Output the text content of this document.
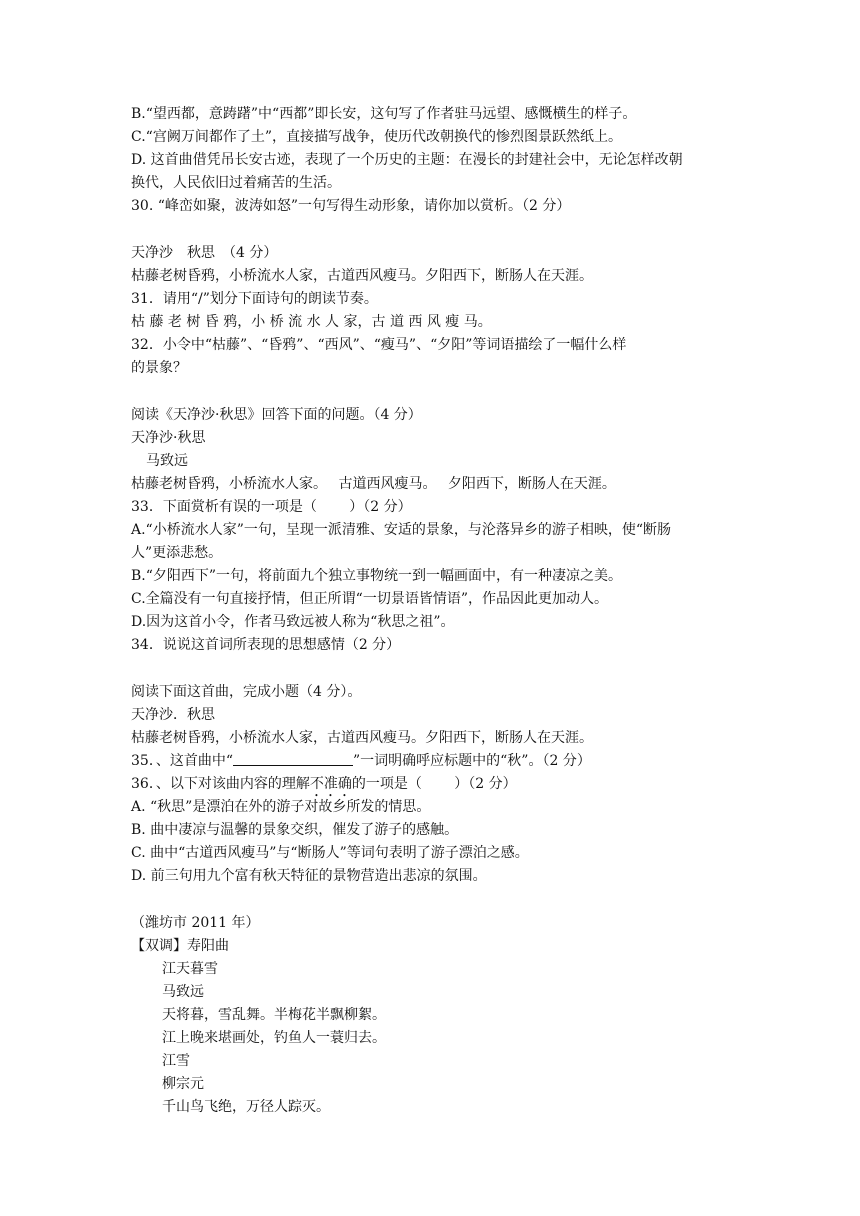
B.“望西都，意踌躇”中“西都”即长安，这句写了作者驻马远望、感慨横生的样子。
C.“宫阙万间都作了土”，直接描写战争，使历代改朝换代的惨烈图景跃然纸上。
D. 这首曲借凭吊长安古迹，表现了一个历史的主题：在漫长的封建社会中，无论怎样改朝
换代，人民依旧过着痛苦的生活。
30. “峰峦如聚，波涛如怒”一句写得生动形象，请你加以赏析。（2 分）
天净沙　秋思　（4 分）
枯藤老树昏鸦，小桥流水人家，古道西风瘦马。夕阳西下，断肠人在天涯。
31．请用“/”划分下面诗句的朗读节奏。
枯 藤 老 树 昏 鸦，小 桥 流 水 人 家，古 道 西 风 瘦 马。
32．小令中“枯藤”、“昏鸦”、“西风”、“瘦马”、“夕阳”等词语描绘了一幅什么样
的景象？
阅读《天净沙·秋思》回答下面的问题。（4 分）
天净沙·秋思
马致远
枯藤老树昏鸦，小桥流水人家。　 古道西风瘦马。　 夕阳西下，断肠人在天涯。
33．下面赏析有误的一项是（　　 ）（2 分）
A.“小桥流水人家”一句，呈现一派清雅、安适的景象，与沦落异乡的游子相映，使“断肠
人”更添悲愁。
B.“夕阳西下”一句，将前面九个独立事物统一到一幅画面中，有一种凄凉之美。
C.全篇没有一句直接抒情，但正所谓“一切景语皆情语”，作品因此更加动人。
D.因为这首小令，作者马致远被人称为“秋思之祖”。
34．说说这首词所表现的思想感情（2 分）
阅读下面这首曲，完成小题（4 分）。
天净沙．秋思
枯藤老树昏鸦，小桥流水人家，古道西风瘦马。夕阳西下，断肠人在天涯。
35．、这首曲中“	”一词明确呼应标题中的“秋”。（2 分）
36．、以下对该曲内容的理解不准确的一项是（　　 ）（2 分）
A. “秋思”是漂泊在外的游子对故乡所发的情思。
B. 曲中凄凉与温馨的景象交织，催发了游子的感触。
C. 曲中“古道西风瘦马”与“断肠人”等词句表明了游子漂泊之感。
D. 前三句用九个富有秋天特征的景物营造出悲凉的氛围。
（潍坊市 2011 年）
【双调】寿阳曲
江天暮雪
马致远
天将暮，雪乱舞。半梅花半飘柳絮。
江上晚来堪画处，钓鱼人一蓑归去。
江雪
柳宗元
千山鸟飞绝，万径人踪灭。
